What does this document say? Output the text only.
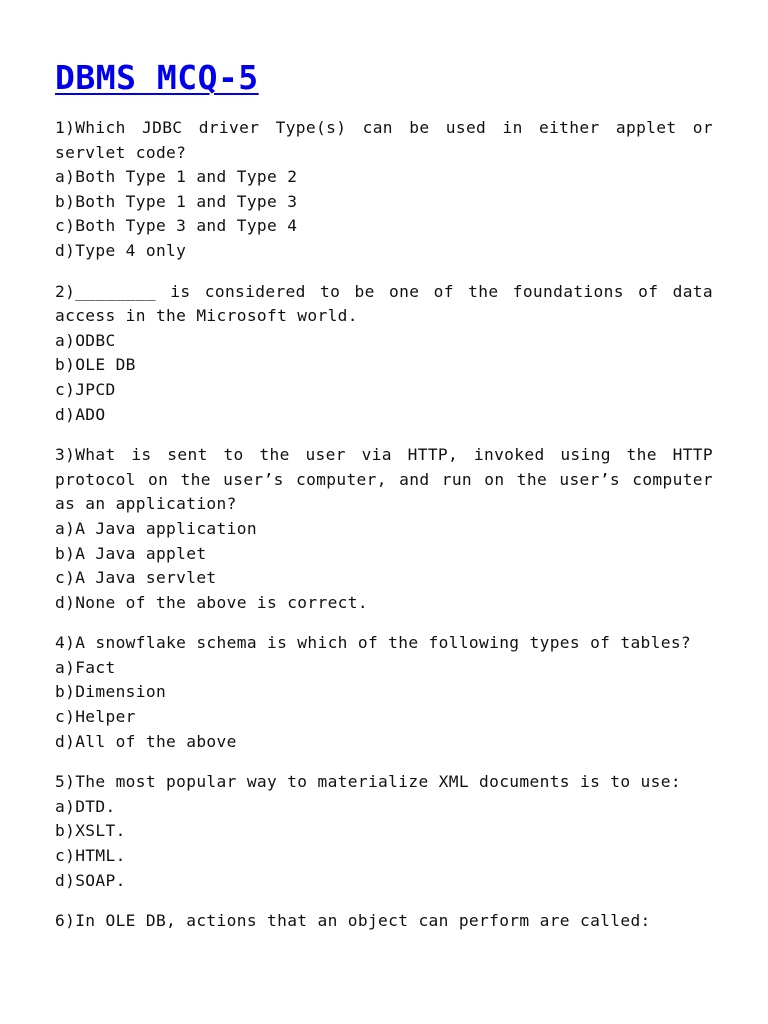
DBMS MCQ-5
1)Which JDBC driver Type(s) can be used in either applet or servlet code?
a)Both Type 1 and Type 2
b)Both Type 1 and Type 3
c)Both Type 3 and Type 4
d)Type 4 only
2)________ is considered to be one of the foundations of data access in the Microsoft world.
a)ODBC
b)OLE DB
c)JPCD
d)ADO
3)What is sent to the user via HTTP, invoked using the HTTP protocol on the user’s computer, and run on the user’s computer as an application?
a)A Java application
b)A Java applet
c)A Java servlet
d)None of the above is correct.
4)A snowflake schema is which of the following types of tables?
a)Fact
b)Dimension
c)Helper
d)All of the above
5)The most popular way to materialize XML documents is to use:
a)DTD.
b)XSLT.
c)HTML.
d)SOAP.
6)In OLE DB, actions that an object can perform are called:
